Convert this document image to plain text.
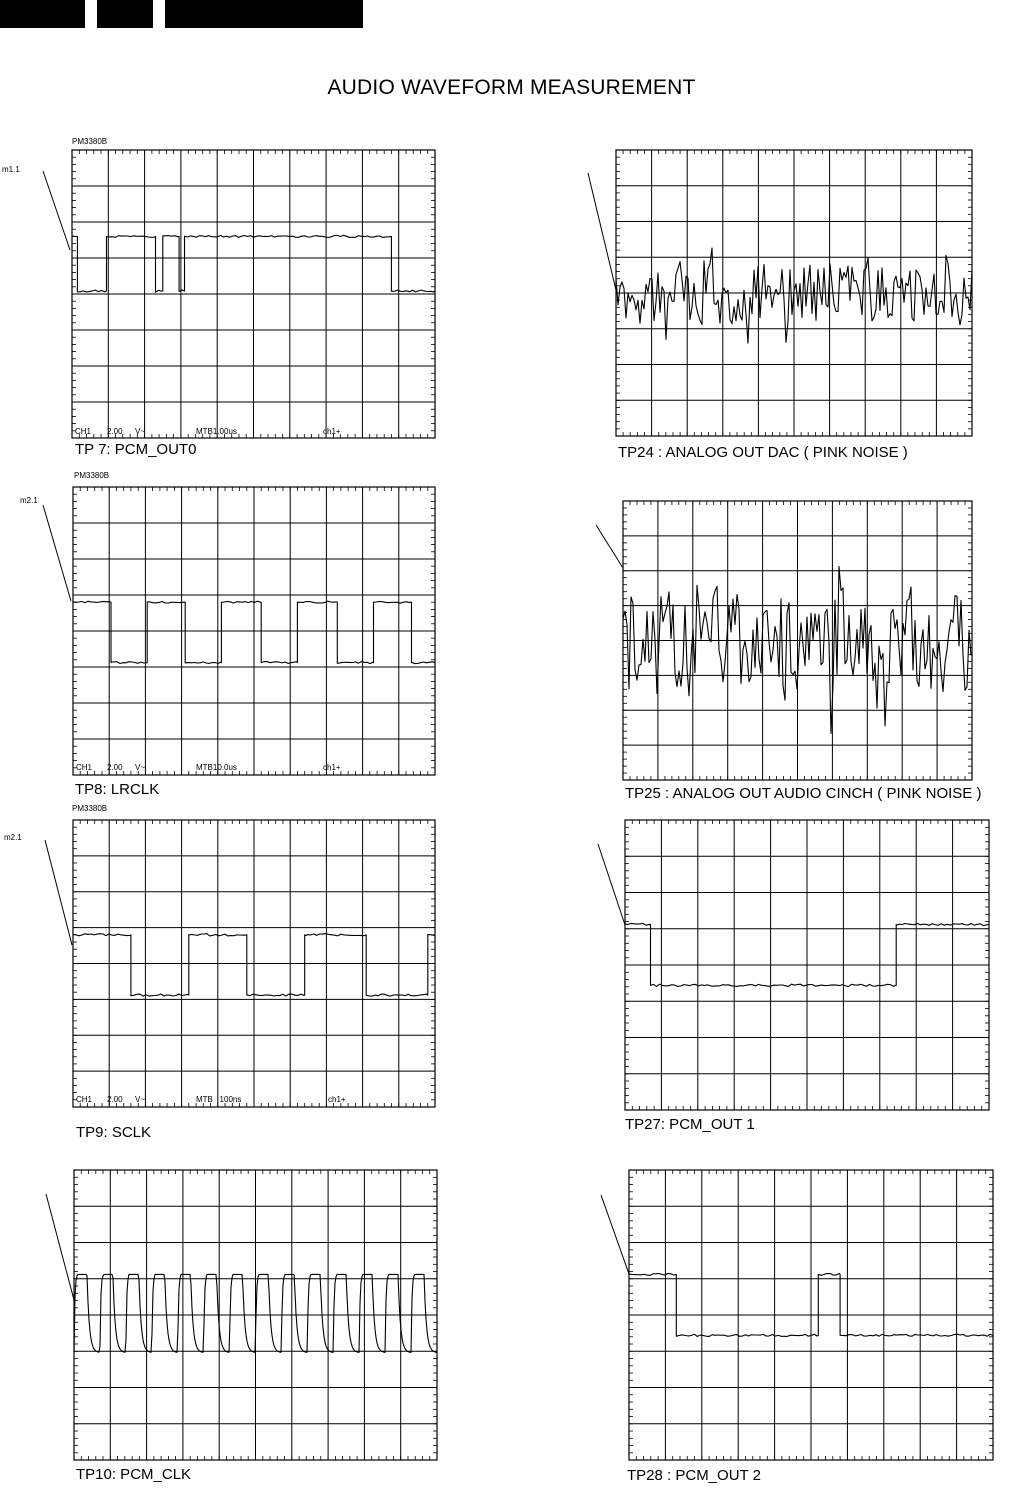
AUDIO WAVEFORM MEASUREMENT
PM3380B
m1.1
CH1 2.00 V~	MTB1.00us	ch1+
TP 7: PCM_OUT0
PM3380B
m2.1
CH1 2.00 V~	MTB10.0us	ch1+
TP8: LRCLK
PM3380B
m2.1
CH1 2.00 V~	MTB   100ns	ch1+
TP9: SCLK
TP10: PCM_CLK
TP24 : ANALOG OUT DAC ( PINK NOISE )
TP25 : ANALOG OUT AUDIO CINCH ( PINK NOISE )
TP27: PCM_OUT 1
TP28 : PCM_OUT 2
